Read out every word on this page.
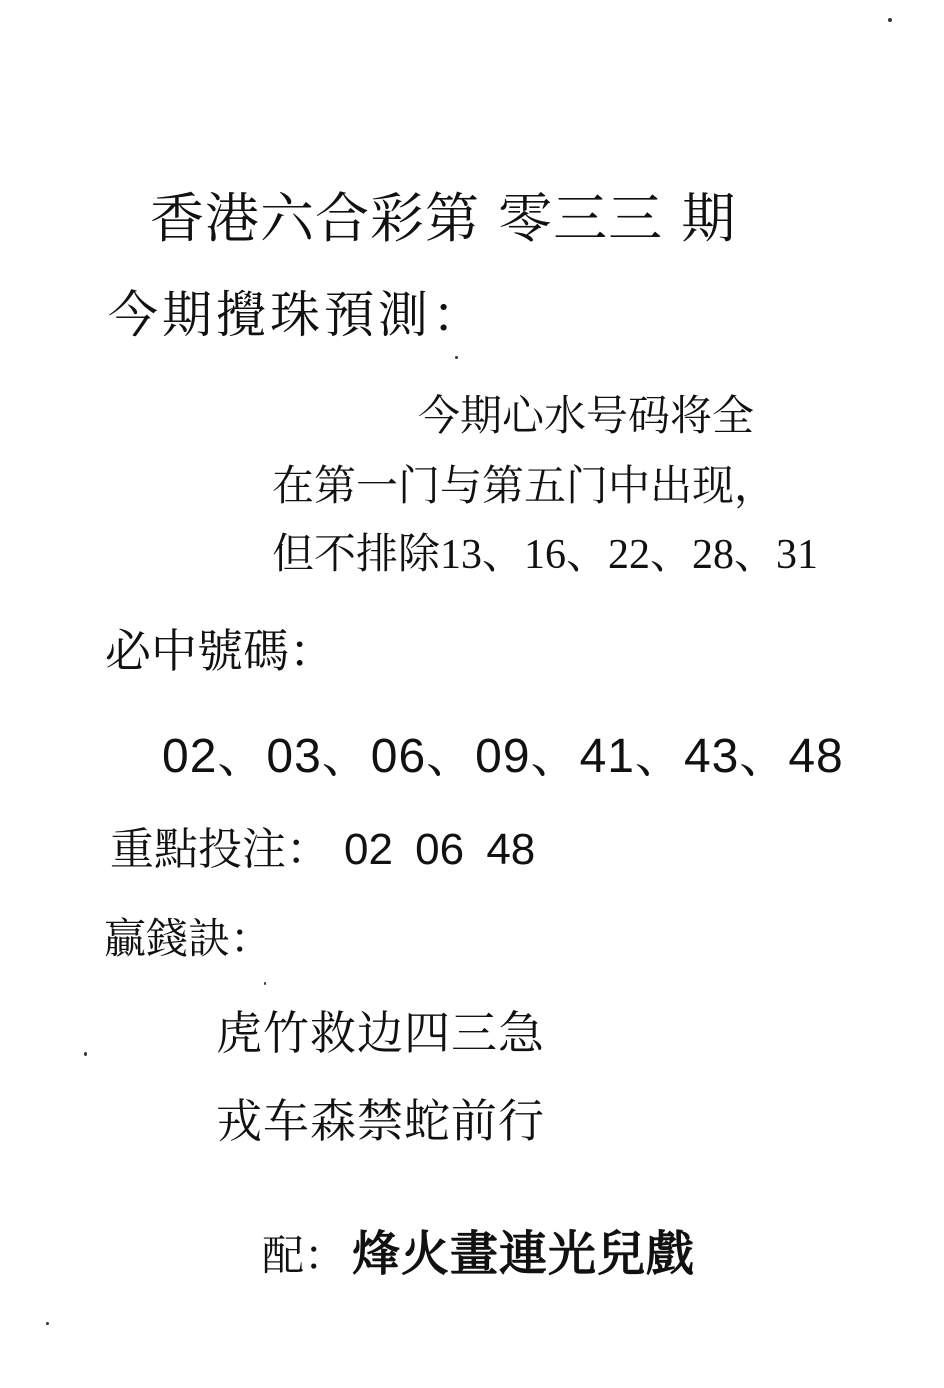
香港六合彩第 零三三 期
今期攪珠預測：
今期心水号码将全
在第一门与第五门中出现，
但不排除13、16、22、28、31
必中號碼：
02、03、06、09、41、43、48
重點投注： 02 06 48
贏錢訣：
虎竹救边四三急
戎车森禁蛇前行
配： 烽火畫連光兒戲
